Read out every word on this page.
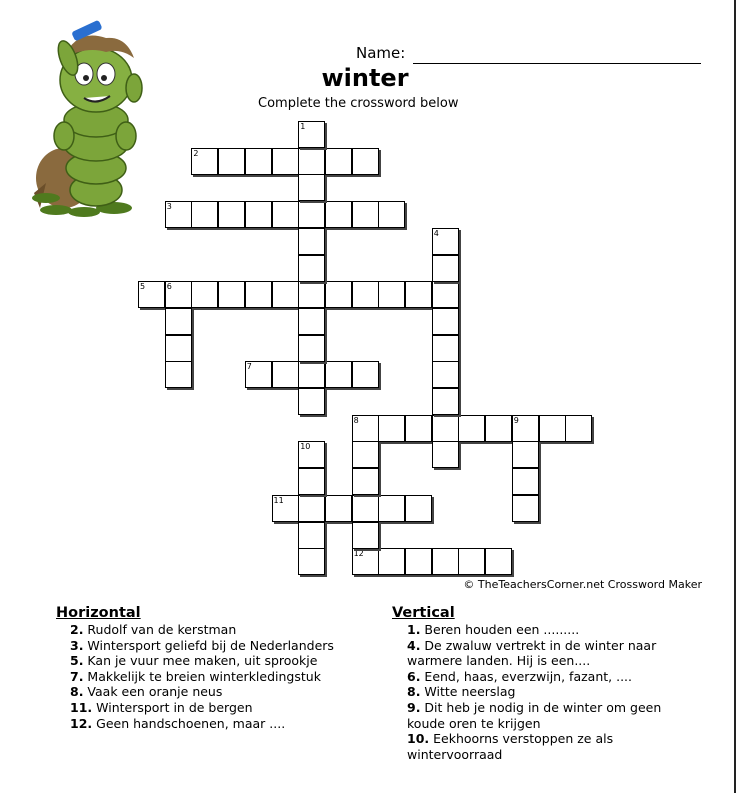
Name:
winter
Complete the crossword below
2
3
5	6
7
8	9
11
12
1
4
10
© TheTeachersCorner.net Crossword Maker
Horizontal
2. Rudolf van de kerstman
3. Wintersport geliefd bij de Nederlanders
5. Kan je vuur mee maken, uit sprookje
7. Makkelijk te breien winterkledingstuk
8. Vaak een oranje neus
11. Wintersport in de bergen
12. Geen handschoenen, maar ....
Vertical
1. Beren houden een .........
4. De zwaluw vertrekt in de winter naar warmere landen. Hij is een....
6. Eend, haas, everzwijn, fazant, ....
8. Witte neerslag
9. Dit heb je nodig in de winter om geen koude oren te krijgen
10. Eekhoorns verstoppen ze als wintervoorraad
